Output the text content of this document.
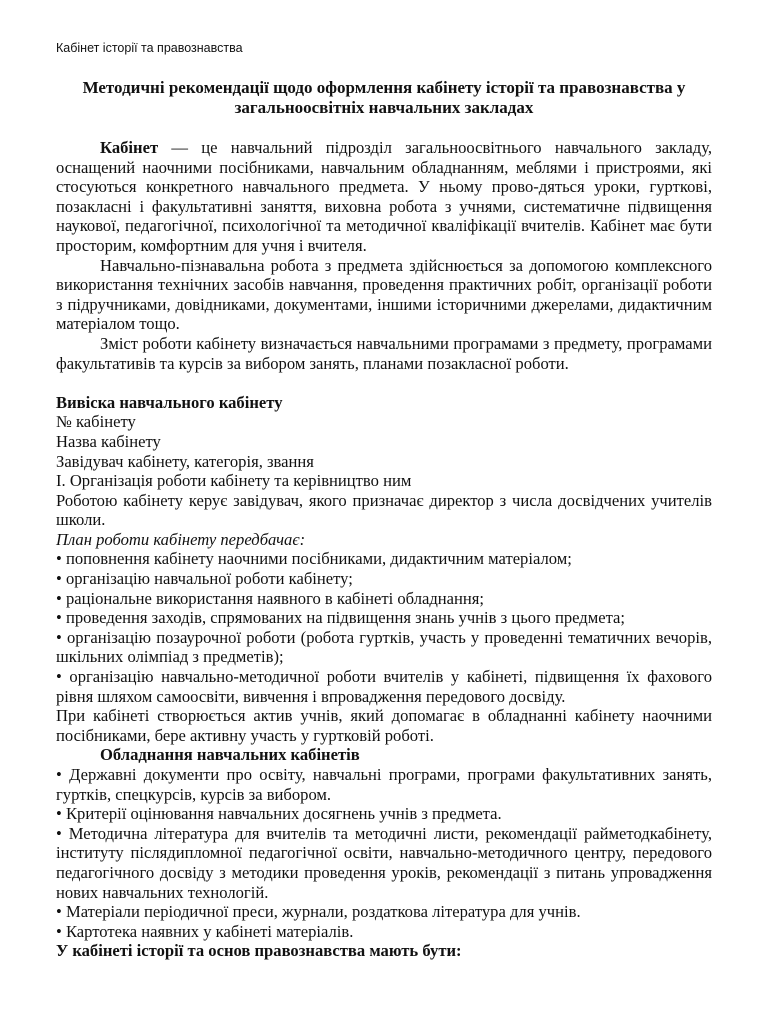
Кабінет історії та правознавства
Методичні рекомендації щодо оформлення кабінету історії та правознавства у
загальноосвітніх навчальних закладах

Кабінет — це навчальний підрозділ загальноосвітнього навчального закладу, оснащений наочними посібниками, навчальним обладнанням, меблями і пристроями, які стосуються конкретного навчального предмета. У ньому прово-дяться уроки, гурткові, позакласні і факультативні заняття, виховна робота з учнями, систематичне підвищення наукової, педагогічної, психологічної та методичної кваліфікації вчителів. Кабінет має бути просторим, комфортним для учня і вчителя.

Навчально-пізнавальна робота з предмета здійснюється за допомогою комплексного використання технічних засобів навчання, проведення практичних робіт, організації роботи з підручниками, довідниками, документами, іншими історичними джерелами, дидактичним матеріалом тощо.

Зміст роботи кабінету визначається навчальними програмами з предмету, програмами факультативів та курсів за вибором занять, планами позакласної роботи.

Вивіска навчального кабінету

№ кабінету

Назва кабінету

Завідувач кабінету, категорія, звання

I. Організація роботи кабінету та керівництво ним

Роботою кабінету керує завідувач, якого призначає директор з числа досвідчених учителів школи.

План роботи кабінету передбачає:

• поповнення кабінету наочними посібниками, дидактичним матеріалом;

• організацію навчальної роботи кабінету;

• раціональне використання наявного в кабінеті обладнання;

• проведення заходів, спрямованих на підвищення знань учнів з цього предмета;

• організацію позаурочної роботи (робота гуртків, участь у проведенні тематичних вечорів, шкільних олімпіад з предметів);

• організацію навчально-методичної роботи вчителів у кабінеті, підвищення їх фахового рівня шляхом самоосвіти, вивчення і впровадження передового досвіду.

При кабінеті створюється актив учнів, який допомагає в обладнанні кабінету наочними посібниками, бере активну участь у гуртковій роботі.

Обладнання навчальних кабінетів

• Державні документи про освіту, навчальні програми, програми факультативних занять, гуртків, спецкурсів, курсів за вибором.

• Критерії оцінювання навчальних досягнень учнів з предмета.

• Методична література для вчителів та методичні листи, рекомендації райметодкабінету, інституту післядипломної педагогічної освіти, навчально-методичного центру, передового педагогічного досвіду з методики проведення уроків, рекомендації з питань упровадження нових навчальних технологій.

• Матеріали періодичної преси, журнали, роздаткова література для учнів.

• Картотека наявних у кабінеті матеріалів.

У кабінеті історії та основ правознавства мають бути:
